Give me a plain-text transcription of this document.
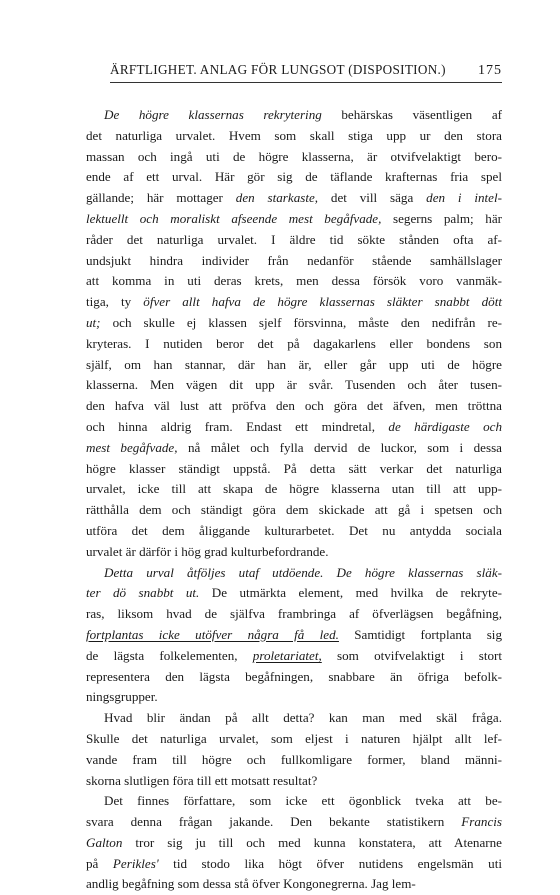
ÄRFTLIGHET. ANLAG FÖR LUNGSOT (DISPOSITION.) 175
De högre klassernas rekrytering behärskas väsentligen af
det naturliga urvalet. Hvem som skall stiga upp ur den stora
massan och ingå uti de högre klasserna, är otvifvelaktigt bero-
ende af ett urval. Här gör sig de täflande krafternas fria spel
gällande; här mottager den starkaste, det vill säga den i intel-
lektuellt och moraliskt afseende mest begåfvade, segerns palm; här
råder det naturliga urvalet. I äldre tid sökte stånden ofta af-
undsjukt hindra individer från nedanför stående samhällslager
att komma in uti deras krets, men dessa försök voro vanmäk-
tiga, ty öfver allt hafva de högre klassernas släkter snabbt dött
ut; och skulle ej klassen sjelf försvinna, måste den nedifrån re-
kryteras. I nutiden beror det på dagakarlens eller bondens son
själf, om han stannar, där han är, eller går upp uti de högre
klasserna. Men vägen dit upp är svår. Tusenden och åter tusen-
den hafva väl lust att pröfva den och göra det äfven, men tröttna
och hinna aldrig fram. Endast ett mindretal, de härdigaste och
mest begåfvade, nå målet och fylla dervid de luckor, som i dessa
högre klasser ständigt uppstå. På detta sätt verkar det naturliga
urvalet, icke till att skapa de högre klasserna utan till att upp-
rätthålla dem och ständigt göra dem skickade att gå i spetsen och
utföra det dem åliggande kulturarbetet. Det nu antydda sociala
urvalet är därför i hög grad kulturbefordrande.
Detta urval åtföljes utaf utdöende. De högre klassernas släk-
ter dö snabbt ut. De utmärkta element, med hvilka de rekryte-
ras, liksom hvad de själfva frambringa af öfverlägsen begåfning,
fortplantas icke utöfver några få led. Samtidigt fortplanta sig
de lägsta folkelementen, proletariatet, som otvifvelaktigt i stort
representera den lägsta begåfningen, snabbare än öfriga befolk-
ningsgrupper.
Hvad blir ändan på allt detta? kan man med skäl fråga.
Skulle det naturliga urvalet, som eljest i naturen hjälpt allt lef-
vande fram till högre och fullkomligare former, bland männi-
skorna slutligen föra till ett motsatt resultat?
Det finnes författare, som icke ett ögonblick tveka att be-
svara denna frågan jakande. Den bekante statistikern Francis
Galton tror sig ju till och med kunna konstatera, att Atenarne
på Perikles' tid stodo lika högt öfver nutidens engelsmän uti
andlig begåfning som dessa stå öfver Kongonegrerna. Jag lem-
